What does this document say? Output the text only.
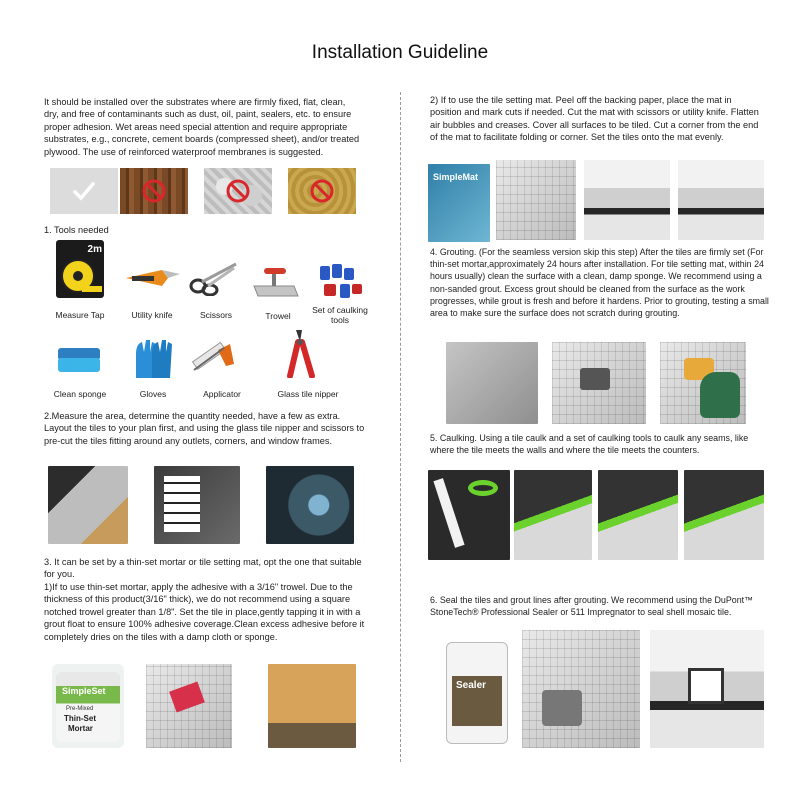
Installation Guideline

It should be installed over the substrates where are firmly fixed, flat, clean, dry, and free of contaminants such as dust, oil, paint, sealers, etc. to ensure proper adhesion. Wet areas need special attention and require appropriate substrates, e.g., concrete, cement boards (compressed sheet), and/or treated plywood. The use of reinforced waterproof membranes is suggested.

1. Tools needed
2m
Measure Tap	Utility knife	Scissors	Trowel
Set of caulking tools
Clean sponge	Gloves	Applicator	Glass tile nipper

2.Measure the area, determine the quantity needed, have a few as extra. Layout the tiles to your plan first, and using the glass tile nipper and scissors to pre-cut the tiles fitting around any outlets, corners, and window frames.

3. It can be set by a thin-set mortar or tile setting mat, opt the one that suitable for you.

1)If to use thin-set mortar, apply the adhesive with a 3/16" trowel. Due to the thickness of this product(3/16" thick), we do not recommend using a square notched trowel greater than 1/8". Set the tile in place,gently tapping it in with a grout float to ensure 100% adhesive coverage.Clean excess adhesive before it completely dries on the tiles with a damp cloth or sponge.

SimpleSet
Pre-Mixed
Thin-Set
Mortar

2) If to use the tile setting mat. Peel off the backing paper, place the mat in position and mark cuts if needed. Cut the mat with scissors or utility knife. Flatten air bubbles and creases. Cover all surfaces to be tiled. Cut a corner from the end of the mat to facilitate folding or corner. Set the tiles onto the mat evenly.

SimpleMat

4. Grouting. (For the seamless version skip this step) After the tiles are firmly set (For thin-set mortar,approximately 24 hours after installation. For tile setting mat, within 24 hours usually) clean the surface with a clean, damp sponge. We recommend using a non-sanded grout. Excess grout should be cleaned from the surface as the work progresses, while grout is fresh and before it hardens. Prior to grouting, testing a small area to make sure the surface does not scratch during grouting.

5. Caulking. Using a tile caulk and a set of caulking tools to caulk any seams, like where the tile meets the walls and where the tile meets the counters.

6. Seal the tiles and grout lines after grouting. We recommend using the DuPont™ StoneTech® Professional Sealer or 511 Impregnator to seal shell mosaic tile.

Sealer
